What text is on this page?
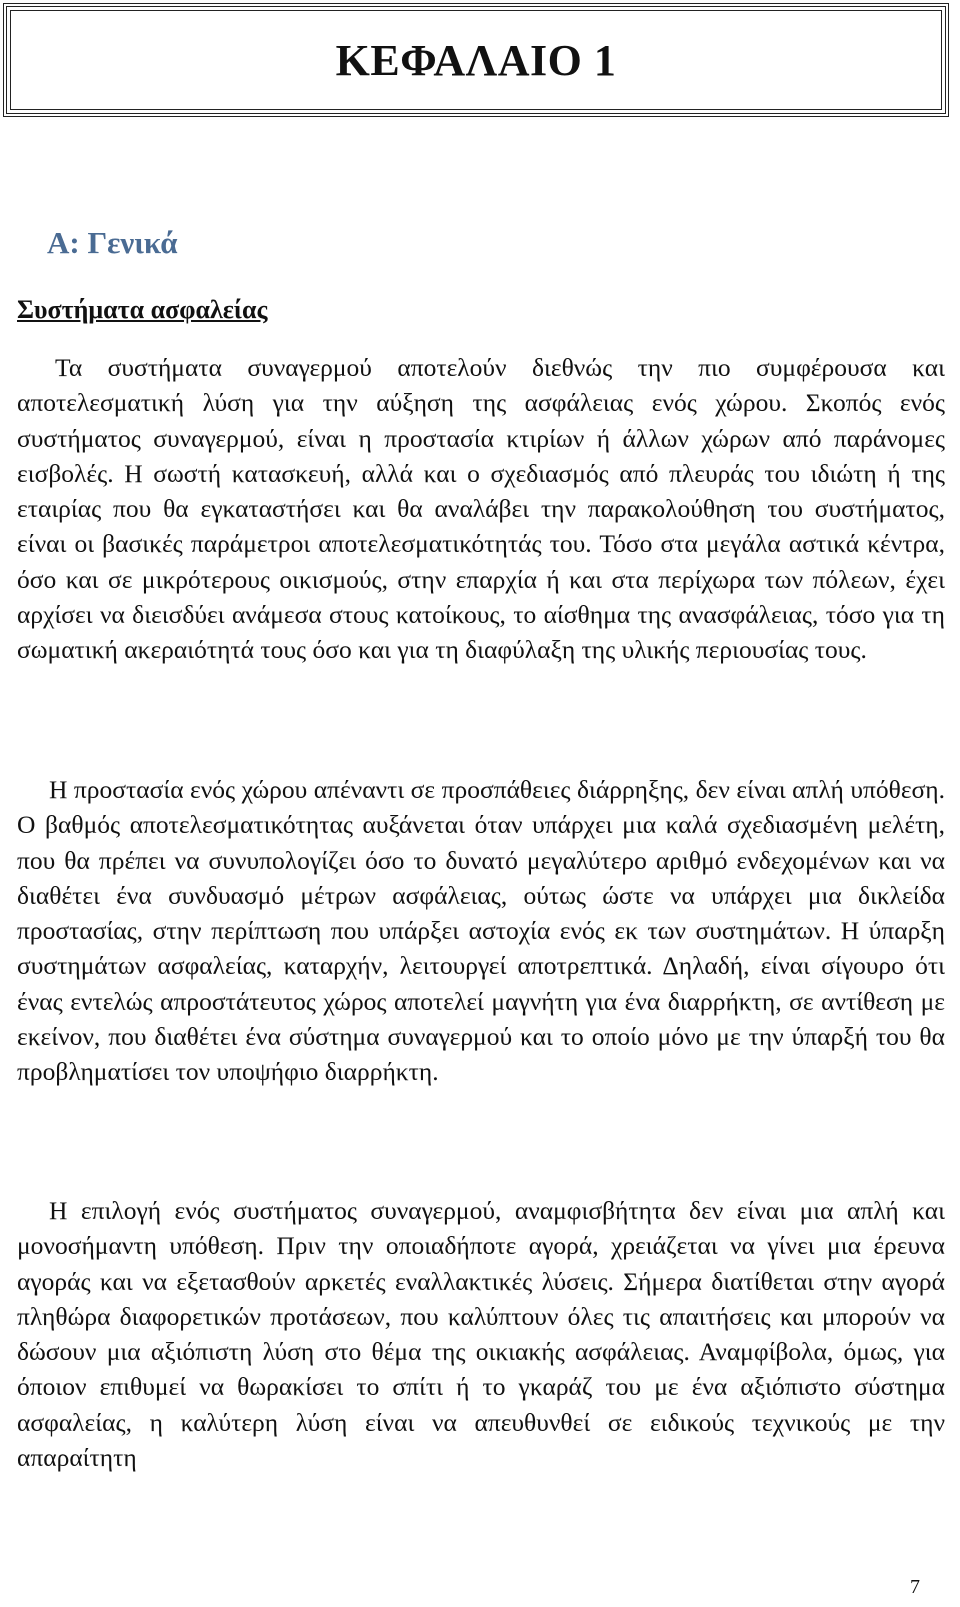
ΚΕΦΑΛΑΙΟ 1
Α: Γενικά
Συστήματα ασφαλείας

Τα συστήματα συναγερμού αποτελούν διεθνώς την πιο συμφέρουσα και αποτελεσματική λύση για την αύξηση της ασφάλειας ενός χώρου. Σκοπός ενός συστήματος συναγερμού, είναι η προστασία κτιρίων ή άλλων χώρων από παράνομες εισβολές. Η σωστή κατασκευή, αλλά και ο σχεδιασμός από πλευράς του ιδιώτη ή της εταιρίας που θα εγκαταστήσει και θα αναλάβει την παρακολούθηση του συστήματος, είναι οι βασικές παράμετροι αποτελεσματικότητάς του. Τόσο στα μεγάλα αστικά κέντρα, όσο και σε μικρότερους οικισμούς, στην επαρχία ή και στα περίχωρα των πόλεων, έχει αρχίσει να διεισδύει ανάμεσα στους κατοίκους, το αίσθημα της ανασφάλειας, τόσο για τη σωματική ακεραιότητά τους όσο και για τη διαφύλαξη της υλικής περιουσίας τους.

Η προστασία ενός χώρου απέναντι σε προσπάθειες διάρρηξης, δεν είναι απλή υπόθεση. Ο βαθμός αποτελεσματικότητας αυξάνεται όταν υπάρχει μια καλά σχεδιασμένη μελέτη, που θα πρέπει να συνυπολογίζει όσο το δυνατό μεγαλύτερο αριθμό ενδεχομένων και να διαθέτει ένα συνδυασμό μέτρων ασφάλειας, ούτως ώστε να υπάρχει μια δικλείδα προστασίας, στην περίπτωση που υπάρξει αστοχία ενός εκ των συστημάτων. Η ύπαρξη συστημάτων ασφαλείας, καταρχήν, λειτουργεί αποτρεπτικά. Δηλαδή, είναι σίγουρο ότι ένας εντελώς απροστάτευτος χώρος αποτελεί μαγνήτη για ένα διαρρήκτη, σε αντίθεση με εκείνον, που διαθέτει ένα σύστημα συναγερμού και το οποίο μόνο με την ύπαρξή του θα προβληματίσει τον υποψήφιο διαρρήκτη.

Η επιλογή ενός συστήματος συναγερμού, αναμφισβήτητα δεν είναι μια απλή και μονοσήμαντη υπόθεση. Πριν την οποιαδήποτε αγορά, χρειάζεται να γίνει μια έρευνα αγοράς και να εξετασθούν αρκετές εναλλακτικές λύσεις. Σήμερα διατίθεται στην αγορά πληθώρα διαφορετικών προτάσεων, που καλύπτουν όλες τις απαιτήσεις και μπορούν να δώσουν μια αξιόπιστη λύση στο θέμα της οικιακής ασφάλειας. Αναμφίβολα, όμως, για όποιον επιθυμεί να θωρακίσει το σπίτι ή το γκαράζ του με ένα αξιόπιστο σύστημα ασφαλείας, η καλύτερη λύση είναι να απευθυνθεί σε ειδικούς τεχνικούς με την απαραίτητη

7
